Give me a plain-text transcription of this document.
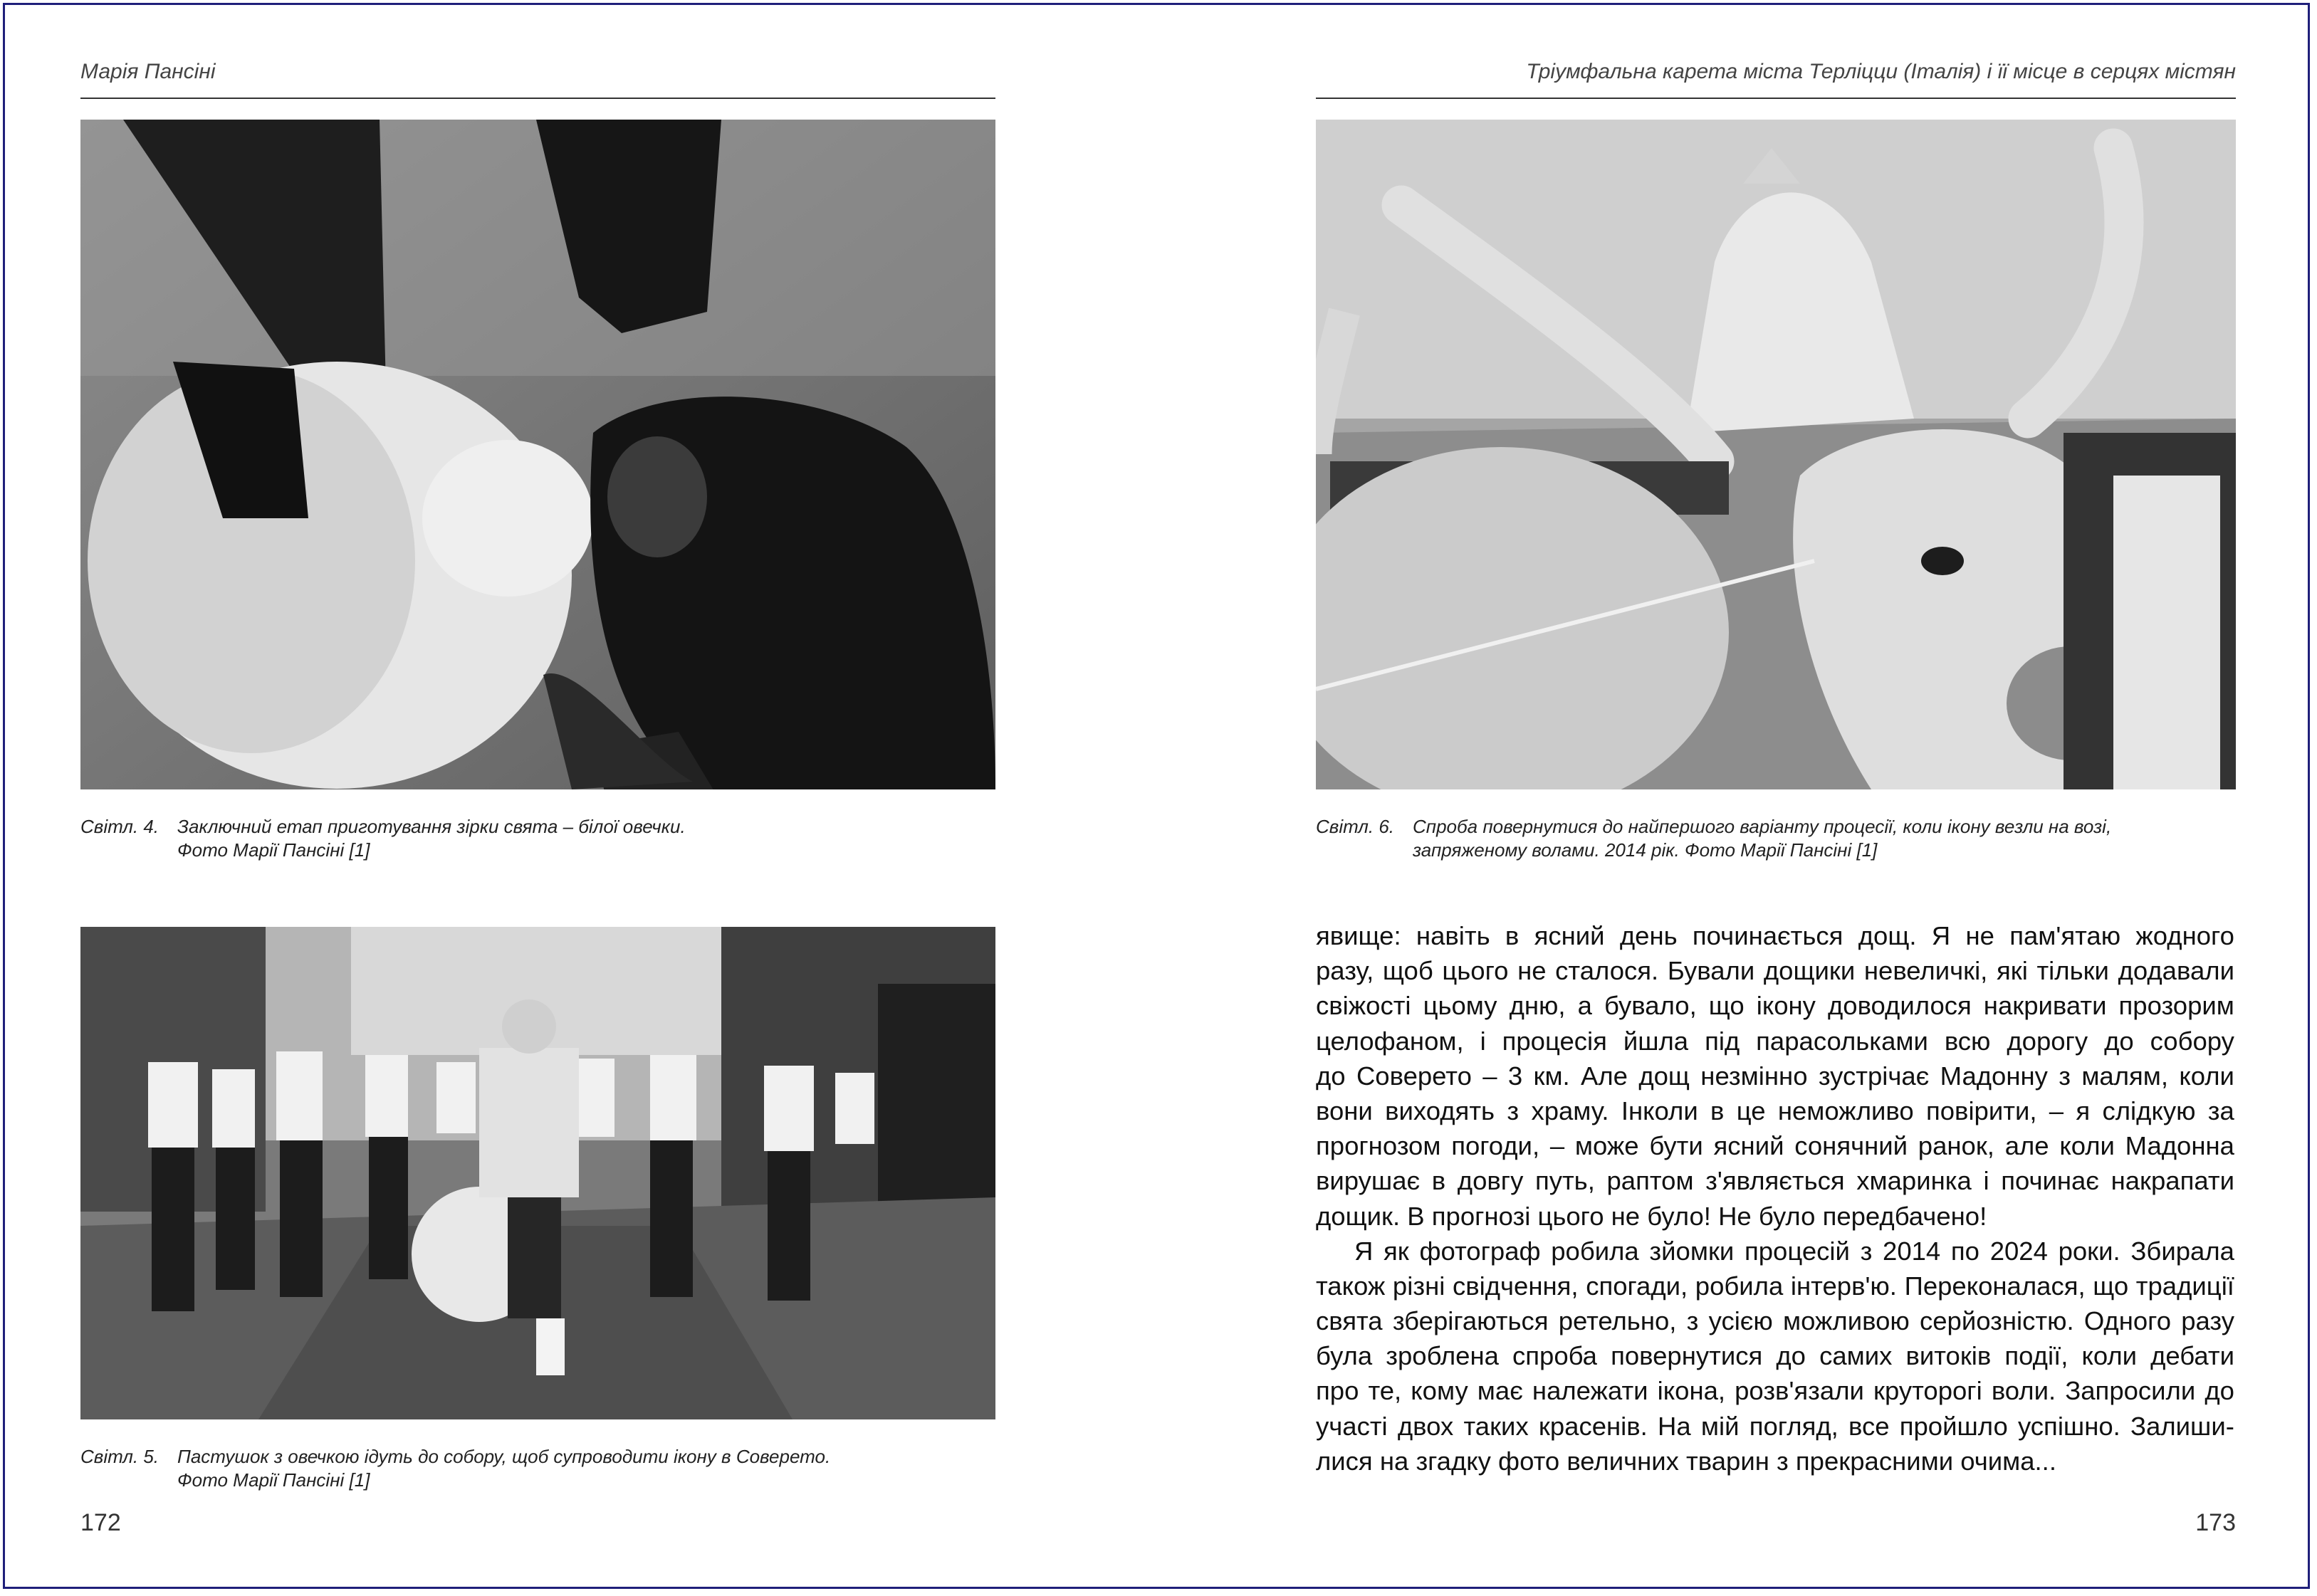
Марія Пансіні
Світл. 4. Заключний етап приготування зірки свята – білої овечки.
Фото Марії Пансіні [1]
Світл. 5. Пастушок з овечкою ідуть до собору, щоб супроводити ікону в Соверето.
Фото Марії Пансіні [1]
172
Тріумфальна карета міста Терліцци (Італія) і її місце в серцях містян
Світл. 6. Спроба повернутися до найпершого варіанту процесії, коли ікону везли на возі,
запряженому волами. 2014 рік. Фото Марії Пансіні [1]
173
явище: навіть в ясний день починається дощ. Я не пам'ятаю жодного
разу, щоб цього не сталося. Бували дощики невеличкі, які тільки додавали
свіжості цьому дню, а бувало, що ікону доводилося накривати прозорим
целофаном, і процесія йшла під парасольками всю дорогу до собору
до Соверето – 3 км. Але дощ незмінно зустрічає Мадонну з малям, коли
вони виходять з храму. Інколи в це неможливо повірити, – я слідкую за
прогнозом погоди, – може бути ясний сонячний ранок, але коли Мадонна
вирушає в довгу путь, раптом з'являється хмаринка і починає накрапати
дощик. В прогнозі цього не було! Не було передбачено!
Я як фотограф робила зйомки процесій з 2014 по 2024 роки. Збирала
також різні свідчення, спогади, робила інтерв'ю. Переконалася, що традиції
свята зберігаються ретельно, з усією можливою серйозністю. Одного разу
була зроблена спроба повернутися до самих витоків події, коли дебати
про те, кому має належати ікона, розв'язали круторогі воли. Запросили до
участі двох таких красенів. На мій погляд, все пройшло успішно. Залиши-
лися на згадку фото величних тварин з прекрасними очима...
